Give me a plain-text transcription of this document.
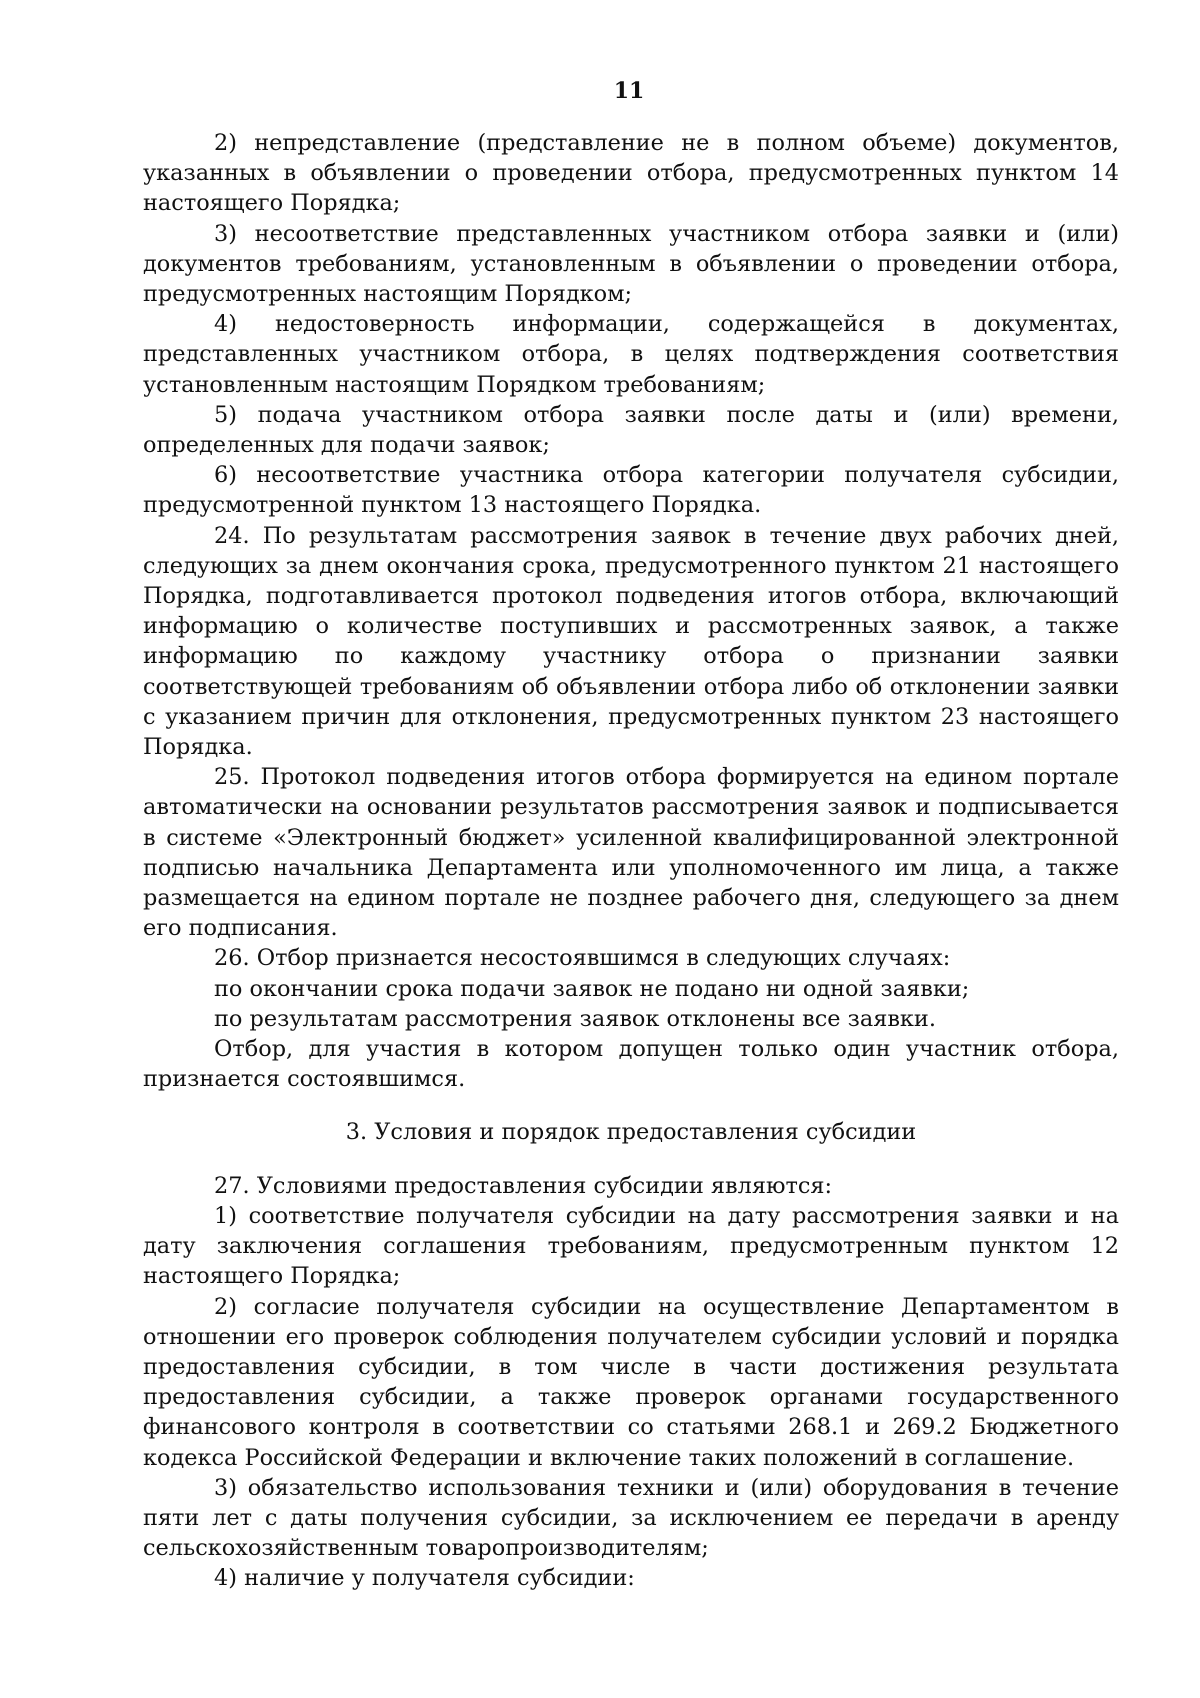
11

2) непредставление (представление не в полном объеме) документов, указанных в объявлении о проведении отбора, предусмотренных пунктом 14 настоящего Порядка;

3) несоответствие представленных участником отбора заявки и (или) документов требованиям, установленным в объявлении о проведении отбора, предусмотренных настоящим Порядком;

4) недостоверность информации, содержащейся в документах, представленных участником отбора, в целях подтверждения соответствия установленным настоящим Порядком требованиям;

5) подача участником отбора заявки после даты и (или) времени, определенных для подачи заявок;

6) несоответствие участника отбора категории получателя субсидии, предусмотренной пунктом 13 настоящего Порядка.

24. По результатам рассмотрения заявок в течение двух рабочих дней, следующих за днем окончания срока, предусмотренного пунктом 21 настоящего Порядка, подготавливается протокол подведения итогов отбора, включающий информацию о количестве поступивших и рассмотренных заявок, а также информацию по каждому участнику отбора о признании заявки соответствующей требованиям об объявлении отбора либо об отклонении заявки с указанием причин для отклонения, предусмотренных пунктом 23 настоящего Порядка.

25. Протокол подведения итогов отбора формируется на едином портале автоматически на основании результатов рассмотрения заявок и подписывается в системе «Электронный бюджет» усиленной квалифицированной электронной подписью начальника Департамента или уполномоченного им лица, а также размещается на едином портале не позднее рабочего дня, следующего за днем его подписания.

26. Отбор признается несостоявшимся в следующих случаях:

по окончании срока подачи заявок не подано ни одной заявки;

по результатам рассмотрения заявок отклонены все заявки.

Отбор, для участия в котором допущен только один участник отбора, признается состоявшимся.

3. Условия и порядок предоставления субсидии

27. Условиями предоставления субсидии являются:

1) соответствие получателя субсидии на дату рассмотрения заявки и на дату заключения соглашения требованиям, предусмотренным пунктом 12 настоящего Порядка;

2) согласие получателя субсидии на осуществление Департаментом в отношении его проверок соблюдения получателем субсидии условий и порядка предоставления субсидии, в том числе в части достижения результата предоставления субсидии, а также проверок органами государственного финансового контроля в соответствии со статьями 268.1 и 269.2 Бюджетного кодекса Российской Федерации и включение таких положений в соглашение.

3) обязательство использования техники и (или) оборудования в течение пяти лет с даты получения субсидии, за исключением ее передачи в аренду сельскохозяйственным товаропроизводителям;

4) наличие у получателя субсидии:
